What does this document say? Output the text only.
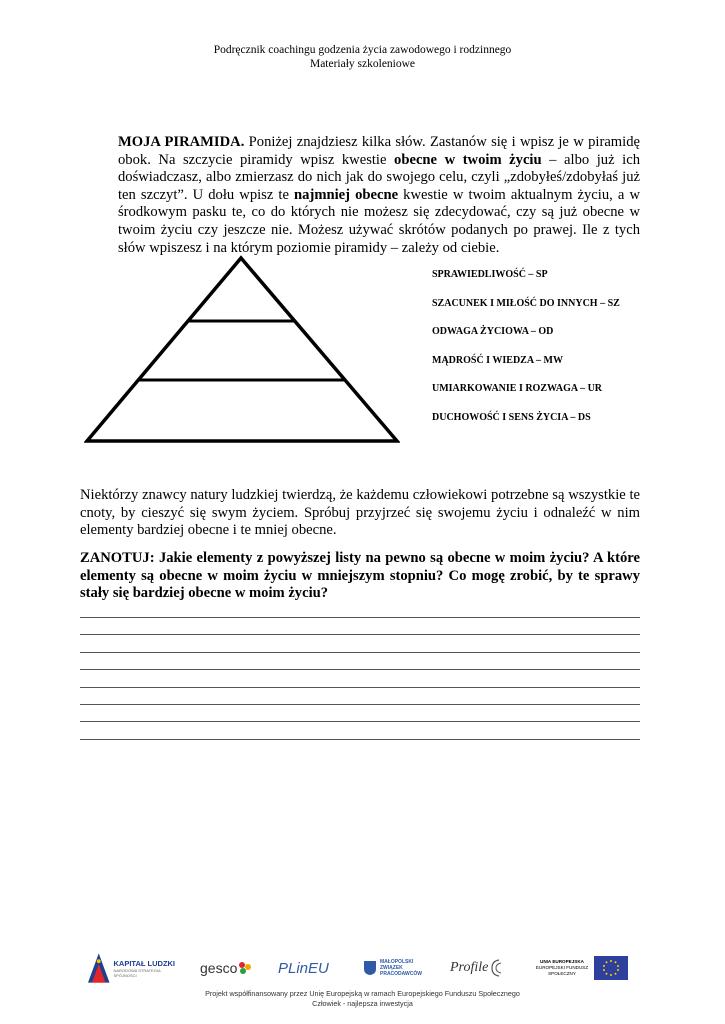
Podręcznik coachingu godzenia życia zawodowego i rodzinnego
Materiały szkoleniowe
MOJA PIRAMIDA. Poniżej znajdziesz kilka słów. Zastanów się i wpisz je w piramidę obok. Na szczycie piramidy wpisz kwestie obecne w twoim życiu – albo już ich doświadczasz, albo zmierzasz do nich jak do swojego celu, czyli „zdobyłeś/zdobyłaś już ten szczyt”. U dołu wpisz te najmniej obecne kwestie w twoim aktualnym życiu, a w środkowym pasku te, co do których nie możesz się zdecydować, czy są już obecne w twoim życiu czy jeszcze nie. Możesz używać skrótów podanych po prawej. Ile z tych słów wpiszesz i na którym poziomie piramidy – zależy od ciebie.
SPRAWIEDLIWOŚĆ – SP
SZACUNEK I MIŁOŚĆ DO INNYCH – SZ
ODWAGA ŻYCIOWA – OD
MĄDROŚĆ I WIEDZA – MW
UMIARKOWANIE I ROZWAGA – UR
DUCHOWOŚĆ I SENS ŻYCIA – DS
Niektórzy znawcy natury ludzkiej twierdzą, że każdemu człowiekowi potrzebne są wszystkie te cnoty, by cieszyć się swym życiem. Spróbuj przyjrzeć się swojemu życiu i odnaleźć w nim elementy bardziej obecne i te mniej obecne.
ZANOTUJ: Jakie elementy z powyższej listy na pewno są obecne w moim życiu? A które elementy są obecne w moim życiu w mniejszym stopniu? Co mogę zrobić, by te sprawy stały się bardziej obecne w moim życiu?
KAPITAŁ LUDZKI
NARODOWA STRATEGIA SPÓJNOŚCI	gesco	PLinEU	MAŁOPOLSKI ZWIĄZEK PRACODAWCÓW	Profile	UNIA EUROPEJSKA
EUROPEJSKI FUNDUSZ SPOŁECZNY
Projekt współfinansowany przez Unię Europejską w ramach Europejskiego Funduszu Społecznego
Człowiek - najlepsza inwestycja
